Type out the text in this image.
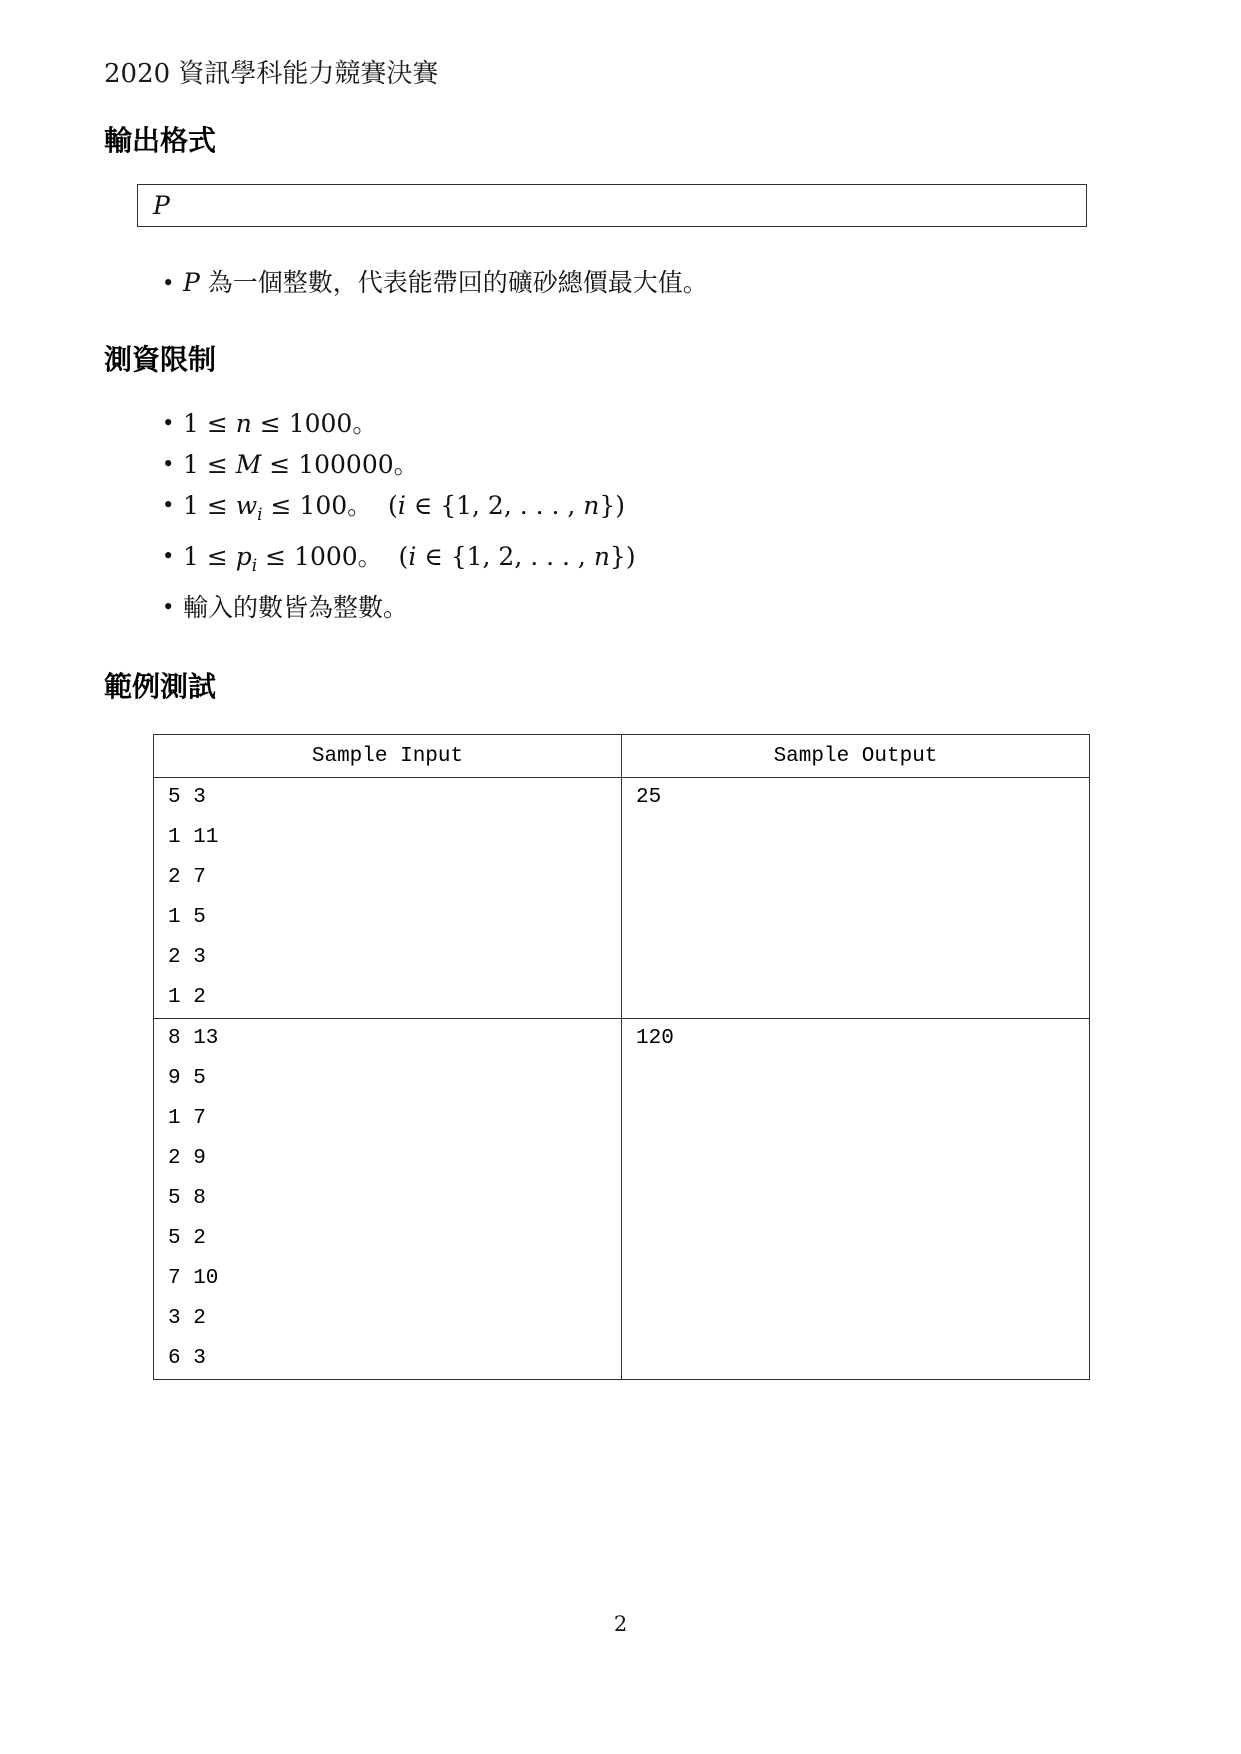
2020 資訊學科能力競賽決賽
輸出格式
P
• P 為一個整數，代表能帶回的礦砂總價最大值。
測資限制
• 1 ≤ n ≤ 1000。
• 1 ≤ M ≤ 100000。
• $1 \le w_i \le 100$。  (i ∈ {1, 2, . . . , n})
• $1 \le p_i \le 1000$。  (i ∈ {1, 2, . . . , n})
• 輸入的數皆為整數。
範例測試
Sample Input	Sample Output

5 3
1 11
2 7
1 5
2 3
1 2

25

8 13
9 5
1 7
2 9
5 8
5 2
7 10
3 2
6 3

120
2
